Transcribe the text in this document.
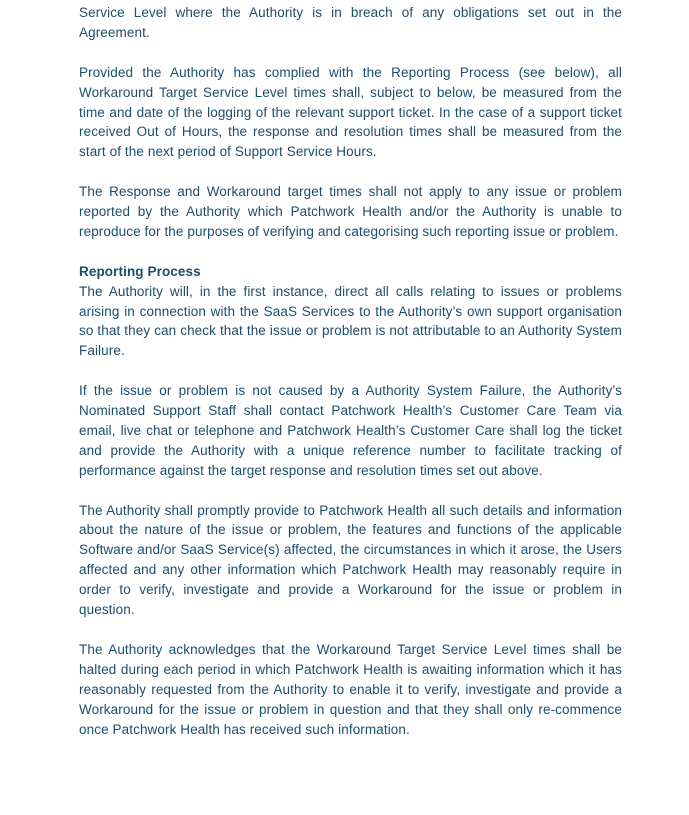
Service Level where the Authority is in breach of any obligations set out in the Agreement.

Provided the Authority has complied with the Reporting Process (see below), all Workaround Target Service Level times shall, subject to below, be measured from the time and date of the logging of the relevant support ticket. In the case of a support ticket received Out of Hours, the response and resolution times shall be measured from the start of the next period of Support Service Hours.

The Response and Workaround target times shall not apply to any issue or problem reported by the Authority which Patchwork Health and/or the Authority is unable to reproduce for the purposes of verifying and categorising such reporting issue or problem.

Reporting Process

The Authority will, in the first instance, direct all calls relating to issues or problems arising in connection with the SaaS Services to the Authority’s own support organisation so that they can check that the issue or problem is not attributable to an Authority System Failure.

If the issue or problem is not caused by a Authority System Failure, the Authority’s Nominated Support Staff shall contact Patchwork Health’s Customer Care Team via email, live chat or telephone and Patchwork Health’s Customer Care shall log the ticket and provide the Authority with a unique reference number to facilitate tracking of performance against the target response and resolution times set out above.

The Authority shall promptly provide to Patchwork Health all such details and information about the nature of the issue or problem, the features and functions of the applicable Software and/or SaaS Service(s) affected, the circumstances in which it arose, the Users affected and any other information which Patchwork Health may reasonably require in order to verify, investigate and provide a Workaround for the issue or problem in question.

The Authority acknowledges that the Workaround Target Service Level times shall be halted during each period in which Patchwork Health is awaiting information which it has reasonably requested from the Authority to enable it to verify, investigate and provide a Workaround for the issue or problem in question and that they shall only re-commence once Patchwork Health has received such information.
